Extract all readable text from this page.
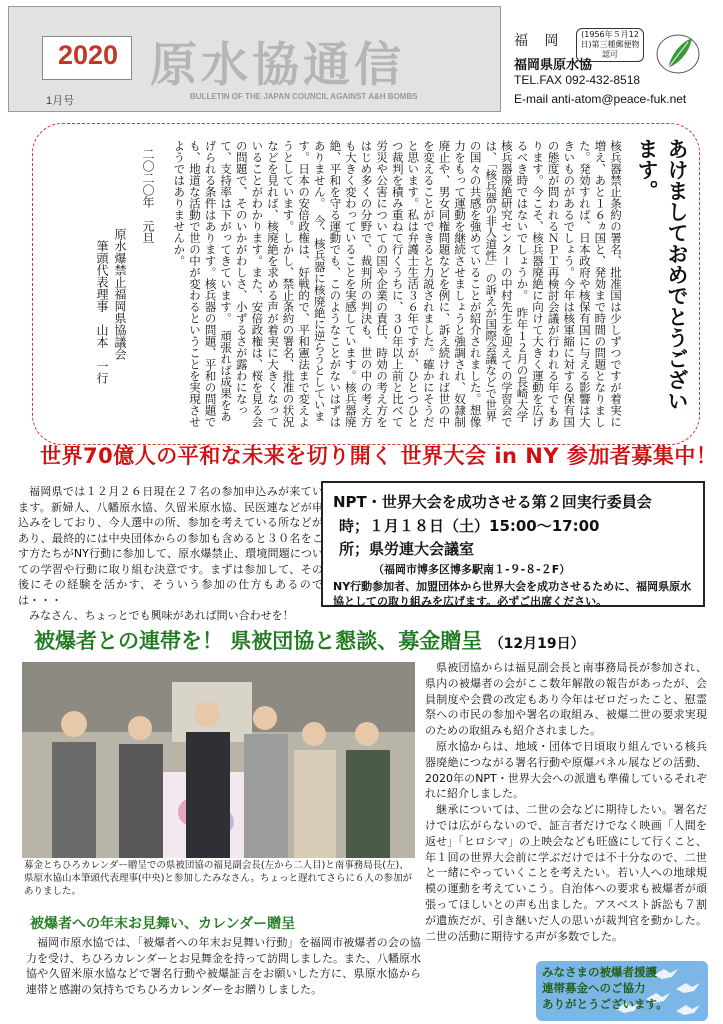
2020
1月号
原水協通信
BULLETIN OF THE JAPAN COUNCIL AGAINST A&H BOMBS
福 岡	(1956年５月12日)第三種郵便物認可
福岡県原水協
TEL.FAX 092-432-8518
E-mail anti-atom@peace-fuk.net
あけましておめでとうございます。
核兵器禁止条約の署名、批准国は少しずつですが着実に増え、あと１６ヵ国と、発効まで時間の問題となりました。発効すれば、日本政府や核保有国に与える影響は大きいものがあるでしょう。今年は核軍縮に対する保有国の態度が問われるＮＰＴ再検討会議が行われる年でもあります。今こそ、核兵器廃絶に向けて大きく運動を広げるべき時ではないでしょうか。　昨年１２月の長崎大学核兵器廃絶研究センターの中村先生を迎えての学習会では、「核兵器の非人道性」の訴えが国際会議などで世界の国々の共感を強めていることが紹介されました。想像力をもって運動を継続させましょうと強調され、奴隷制廃止や、男女同権問題などを例に、訴え続ければ世の中を変えることができると力説されました。確かにそうだと思います。私は弁護士生活３６年ですが、ひとつひとつ裁判を積み重ねて行くうちに、３０年以上前と比べて労災や公害についての国や企業の責任、時効の考え方をはじめ多くの分野で、裁判所の判決も、世の中の考え方も大きく変わっていることを実感しています。核兵器廃絶、平和を守る運動でも、このようなことがないはずはありません。　今、核兵器に核廃絶に逆らうとしています。日本の安倍政権は、好戦的で、平和憲法まで変えようとしています。しかし、禁止条約の署名、批准の状況などを見れば、核廃絶を求める声が着実に大きくなっていることがわかります。また、安倍政権は、桜を見る会の問題で、そのいかがわしさ、小ずるさが露わになって、支持率は下がってきています。　頑張れば成果をあげられる条件はあります。核兵器の問題、平和の問題でも、地道な活動で世の中が変わるということを実現させようではありませんか。
二〇二〇年　元旦
原水爆禁止福岡県協議会
筆頭代表理事　山本　一行
世界70億人の平和な未来を切り開く 世界大会 in NY 参加者募集中！

福岡県では１２月２６日現在２７名の参加申込みが来ています。新婦人、八幡原水協、久留米原水協、民医連などが申込みをしており、今人選中の所、参加を考えている所などがあり、最終的には中央団体からの参加も含めると３０名をこす方たちがNY行動に参加して、原水爆禁止、環境問題についての学習や行動に取り組む決意です。まずは参加して、その後にその経験を活かす、そういう参加の仕方もあるのでは・・・

みなさん、ちょっとでも興味があれば問い合わせを！

NPT・世界大会を成功させる第２回実行委員会
時；１月１８日（土）15:00～17:00
所；県労連大会議室
（福岡市博多区博多駅南１-９-８-２F）
NY行動参加者、加盟団体から世界大会を成功させるために、福岡県原水協としての取り組みを広げます。必ずご出席ください。
被爆者との連帯を！ 県被団協と懇談、募金贈呈 （12月19日）
募金とちひろカレンダー贈呈での県被団協の福見副会長(左から二人目)と南事務局長(左)、県原水協山本筆頭代表理事(中央)と参加したみなさん。ちょっと遅れてさらに６人の参加がありました。

県被団協からは福見副会長と南事務局長が参加され、県内の被爆者の会がここ数年解散の報告があったが、会員制度や会費の改定もあり今年はゼロだったこと、慰霊祭への市民の参加や署名の取組み、被爆二世の要求実現のための取組みも紹介されました。

原水協からは、地域・団体で日頃取り組んでいる核兵器廃絶につながる署名行動や原爆パネル展などの活動、2020年のNPT・世界大会への派遣も準備しているそれぞれに紹介しました。

継承については、二世の会などに期待したい。署名だけでは広がらないので、証言者だけでなく映画「人間を返せ」「ヒロシマ」の上映会なども旺盛にして行くこと、年１回の世界大会前に学ぶだけでは不十分なので、二世と一緒にやっていくことを考えたい。若い人への地球規模の運動を考えていこう。自治体への要求も被爆者が頑張ってほしいとの声も出ました。アスベスト訴訟も７割が遺族だが、引き継いだ人の思いが裁判官を動かした。二世の活動に期待する声が多数でした。

被爆者への年末お見舞い、カレンダー贈呈

福岡市原水協では、「被爆者への年末お見舞い行動」を福岡市被爆者の会の協力を受け、ちひろカレンダーとお見舞金を持って訪問しました。また、八幡原水協や久留米原水協などで署名行動や被爆証言をお願いした方に、県原水協から連帯と感謝の気持ちでちひろカレンダーをお贈りしました。

みなさまの被爆者援護
連帯募金へのご協力
ありがとうございます。
